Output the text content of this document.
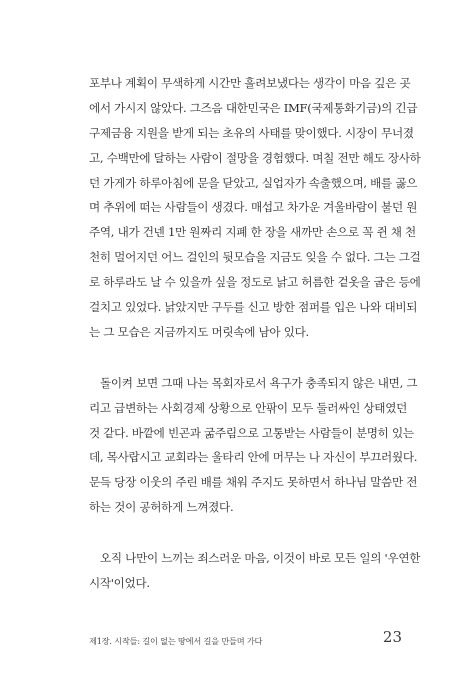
포부나 계획이 무색하게 시간만 흘려보냈다는 생각이 마음 깊은 곳
에서 가시지 않았다. 그즈음 대한민국은 IMF(국제통화기금)의 긴급
구제금융 지원을 받게 되는 초유의 사태를 맞이했다. 시장이 무너졌
고, 수백만에 달하는 사람이 절망을 경험했다. 며칠 전만 해도 장사하
던 가게가 하루아침에 문을 닫았고, 실업자가 속출했으며, 배를 곯으
며 추위에 떠는 사람들이 생겼다. 매섭고 차가운 겨울바람이 불던 원
주역, 내가 건넨 1만 원짜리 지폐 한 장을 새까만 손으로 꼭 쥔 채 천
천히 멀어지던 어느 걸인의 뒷모습을 지금도 잊을 수 없다. 그는 그걸
로 하루라도 날 수 있을까 싶을 정도로 낡고 허름한 겉옷을 굽은 등에
걸치고 있었다. 낡았지만 구두를 신고 방한 점퍼를 입은 나와 대비되
는 그 모습은 지금까지도 머릿속에 남아 있다.
돌이켜 보면 그때 나는 목회자로서 욕구가 충족되지 않은 내면, 그
리고 급변하는 사회경제 상황으로 안팎이 모두 둘러싸인 상태였던
것 같다. 바깥에 빈곤과 굶주림으로 고통받는 사람들이 분명히 있는
데, 목사랍시고 교회라는 울타리 안에 머무는 나 자신이 부끄러웠다.
문득 당장 이웃의 주린 배를 채워 주지도 못하면서 하나님 말씀만 전
하는 것이 공허하게 느껴졌다.
오직 나만이 느끼는 죄스러운 마음, 이것이 바로 모든 일의 '우연한
시작'이었다.
제1장. 시작들: 길이 없는 땅에서 길을 만들며 가다	23
